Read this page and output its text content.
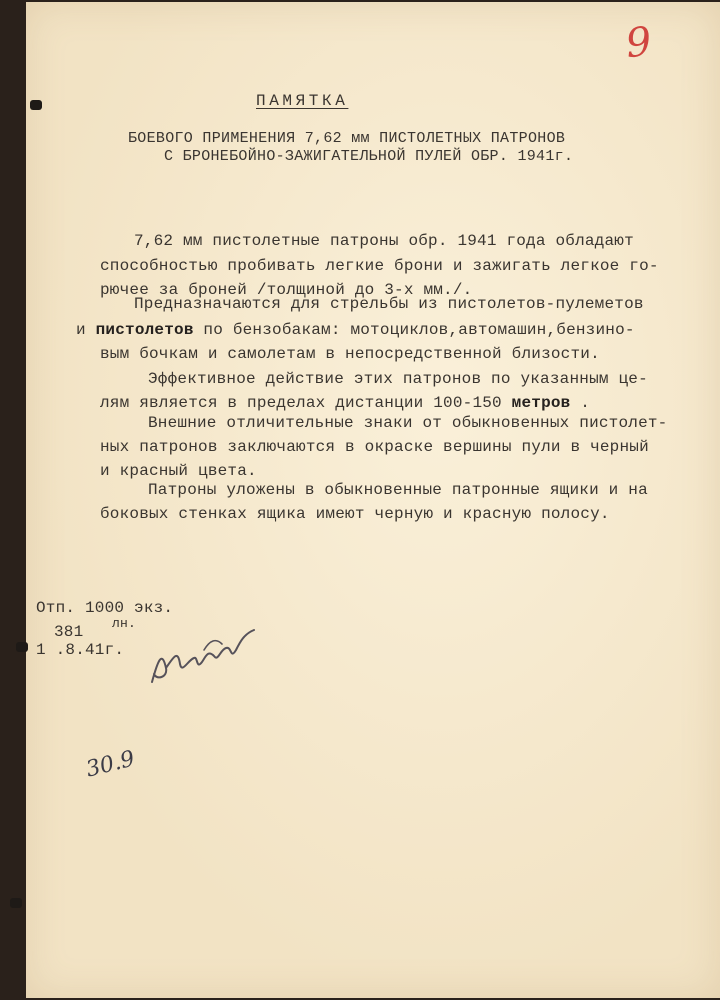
9
ПАМЯТКА
БОЕВОГО ПРИМЕНЕНИЯ 7,62 мм ПИСТОЛЕТНЫХ ПАТРОНОВ
С БРОНЕБОЙНО-ЗАЖИГАТЕЛЬНОЙ ПУЛЕЙ ОБР. 1941г.
7,62 мм пистолетные патроны обр. 1941 года обладают
способностью пробивать легкие брони и зажигать легкое го-
рючее за броней /толщиной до 3-х мм./.
Предназначаются для стрельбы из пистолетов-пулеметов
и пистолетов по бензобакам: мотоциклов,автомашин,бензино-
вым бочкам и самолетам в непосредственной близости.
Эффективное действие этих патронов по указанным це-
лям является в пределах дистанции 100-150 метров .
Внешние отличительные знаки от обыкновенных пистолет-
ных патронов заключаются в окраске вершины пули в черный
и красный цвета.
Патроны уложены в обыкновенные патронные ящики и на
боковых стенках ящика имеют черную и красную полосу.
Отп. 1000 экз.
381 лн.
1 .8.41г.
30.9
